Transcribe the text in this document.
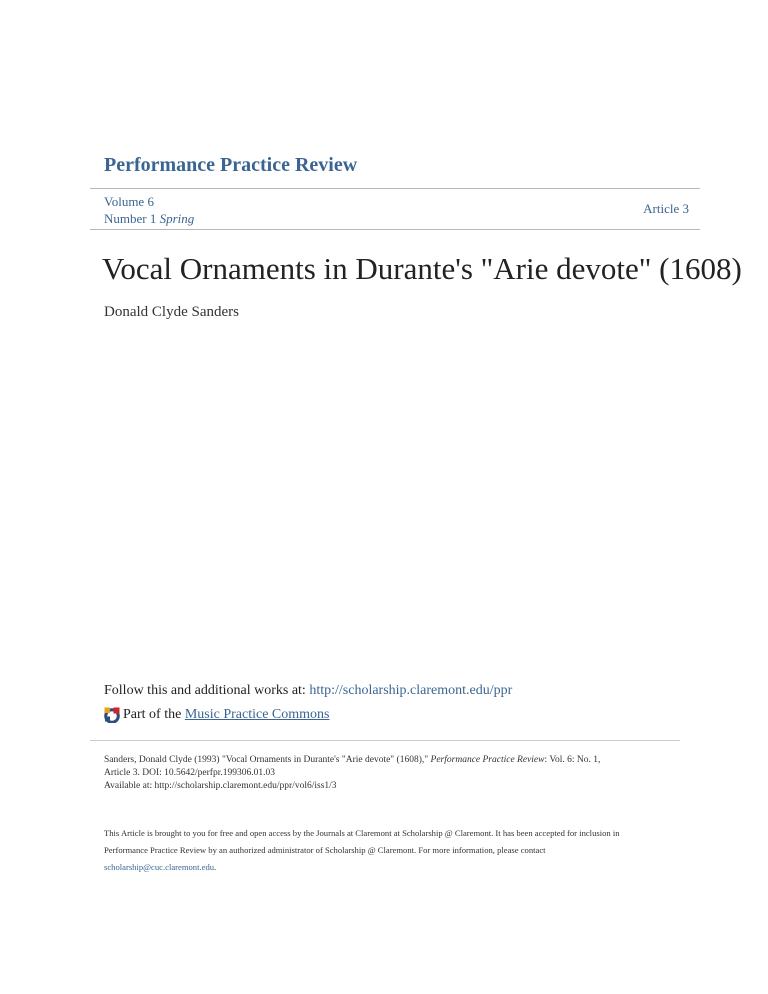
Performance Practice Review
Volume 6
Number 1 Spring
Article 3
Vocal Ornaments in Durante's "Arie devote" (1608)
Donald Clyde Sanders
Follow this and additional works at: http://scholarship.claremont.edu/ppr
Part of the
Music Practice Commons
Sanders, Donald Clyde (1993) "Vocal Ornaments in Durante's "Arie devote" (1608)," Performance Practice Review: Vol. 6: No. 1,
Article 3. DOI: 10.5642/perfpr.199306.01.03
Available at: http://scholarship.claremont.edu/ppr/vol6/iss1/3
This Article is brought to you for free and open access by the Journals at Claremont at Scholarship @ Claremont. It has been accepted for inclusion in
Performance Practice Review by an authorized administrator of Scholarship @ Claremont. For more information, please contact
scholarship@cuc.claremont.edu.
